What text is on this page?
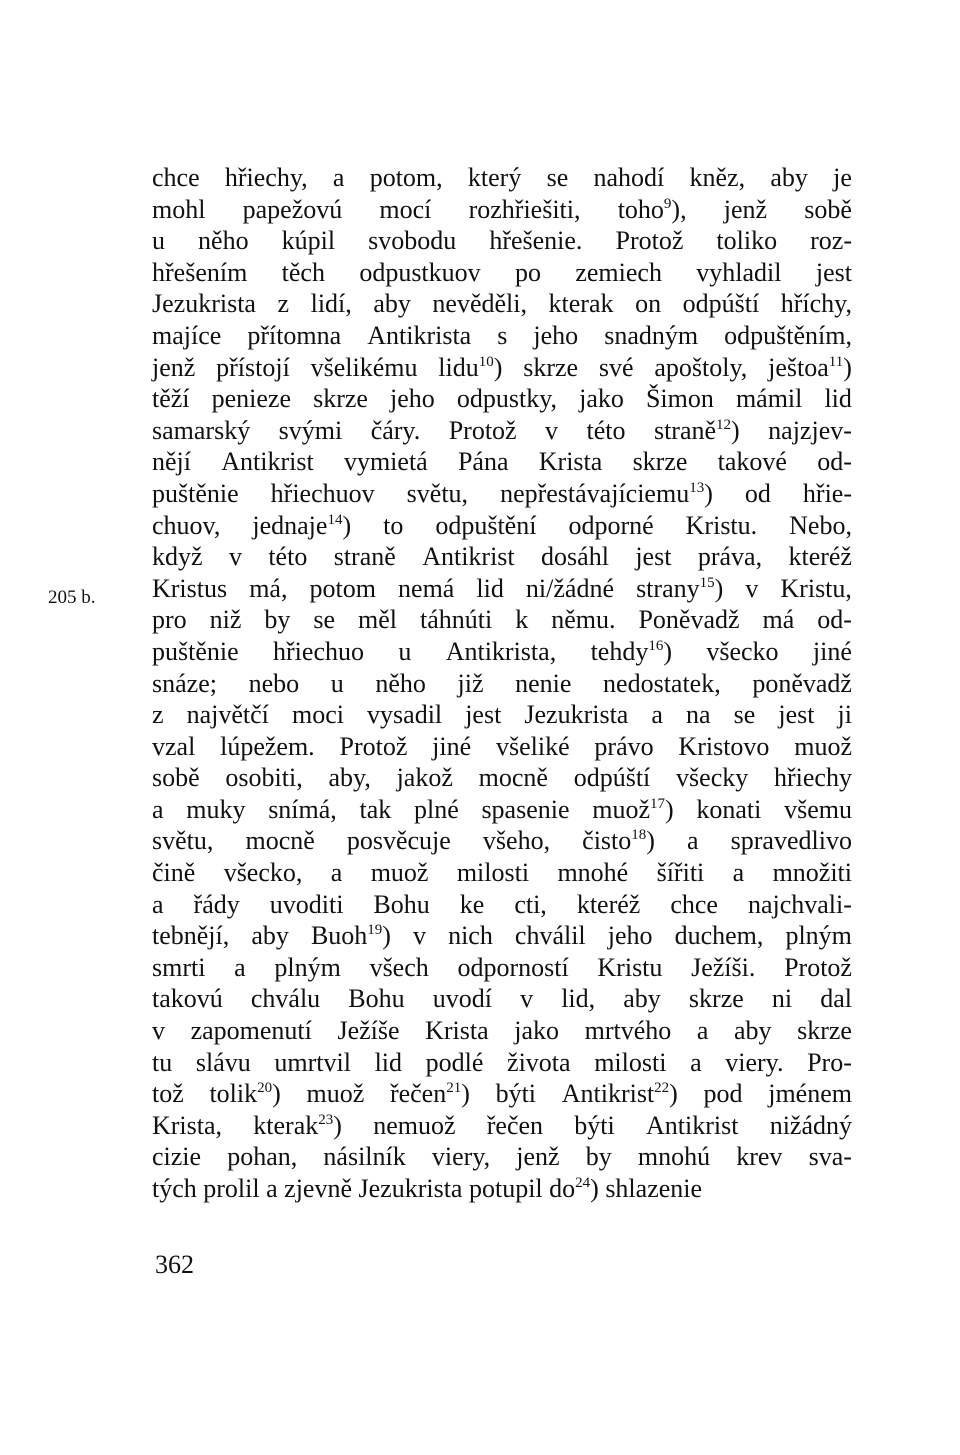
chce hřiechy, a potom, který se nahodí kněz, aby je
mohl papežovú mocí rozhřiešiti, toho$^9$), jenž sobě
u něho kúpil svobodu hřešenie. Protož toliko roz-
hřešením těch odpustkuov po zemiech vyhladil jest
Jezukrista z lidí, aby nevěděli, kterak on odpúští hříchy,
majíce přítomna Antikrista s jeho snadným odpuštěním,
jenž přístojí všelikému lidu$^{10}$) skrze své apoštoly, ještoa$^{11}$)
těží penieze skrze jeho odpustky, jako Šimon mámil lid
samarský svými čáry. Protož v této straně$^{12}$) najzjev-
nějí Antikrist vymietá Pána Krista skrze takové od-
puštěnie hřiechuov světu, nepřestávajíciemu$^{13}$) od hřie-
chuov, jednaje$^{14}$) to odpuštění odporné Kristu. Nebo,
když v této straně Antikrist dosáhl jest práva, kteréž
Kristus má, potom nemá lid ni/žádné strany$^{15}$) v Kristu,
pro niž by se měl táhnúti k němu. Poněvadž má od-
puštěnie hřiechuo u Antikrista, tehdy$^{16}$) všecko jiné
snáze; nebo u něho již nenie nedostatek, poněvadž
z najvětčí moci vysadil jest Jezukrista a na se jest ji
vzal lúpežem. Protož jiné všeliké právo Kristovo muož
sobě osobiti, aby, jakož mocně odpúští všecky hřiechy
a muky snímá, tak plné spasenie muož$^{17}$) konati všemu
světu, mocně posvěcuje všeho, čisto$^{18}$) a spravedlivo
čině všecko, a muož milosti mnohé šířiti a množiti
a řády uvoditi Bohu ke cti, kteréž chce najchvali-
tebnějí, aby Buoh$^{19}$) v nich chválil jeho duchem, plným
smrti a plným všech odporností Kristu Ježíši. Protož
takovú chválu Bohu uvodí v lid, aby skrze ni dal
v zapomenutí Ježíše Krista jako mrtvého a aby skrze
tu slávu umrtvil lid podlé života milosti a viery. Pro-
tož tolik$^{20}$) muož řečen$^{21}$) býti Antikrist$^{22}$) pod jménem
Krista, kterak$^{23}$) nemuož řečen býti Antikrist nižádný
cizie pohan, násilník viery, jenž by mnohú krev sva-
tých
prolil
a
zjevně
Jezukrista
potupil
$do^{24}$)
shlazenie
205 b.
362
